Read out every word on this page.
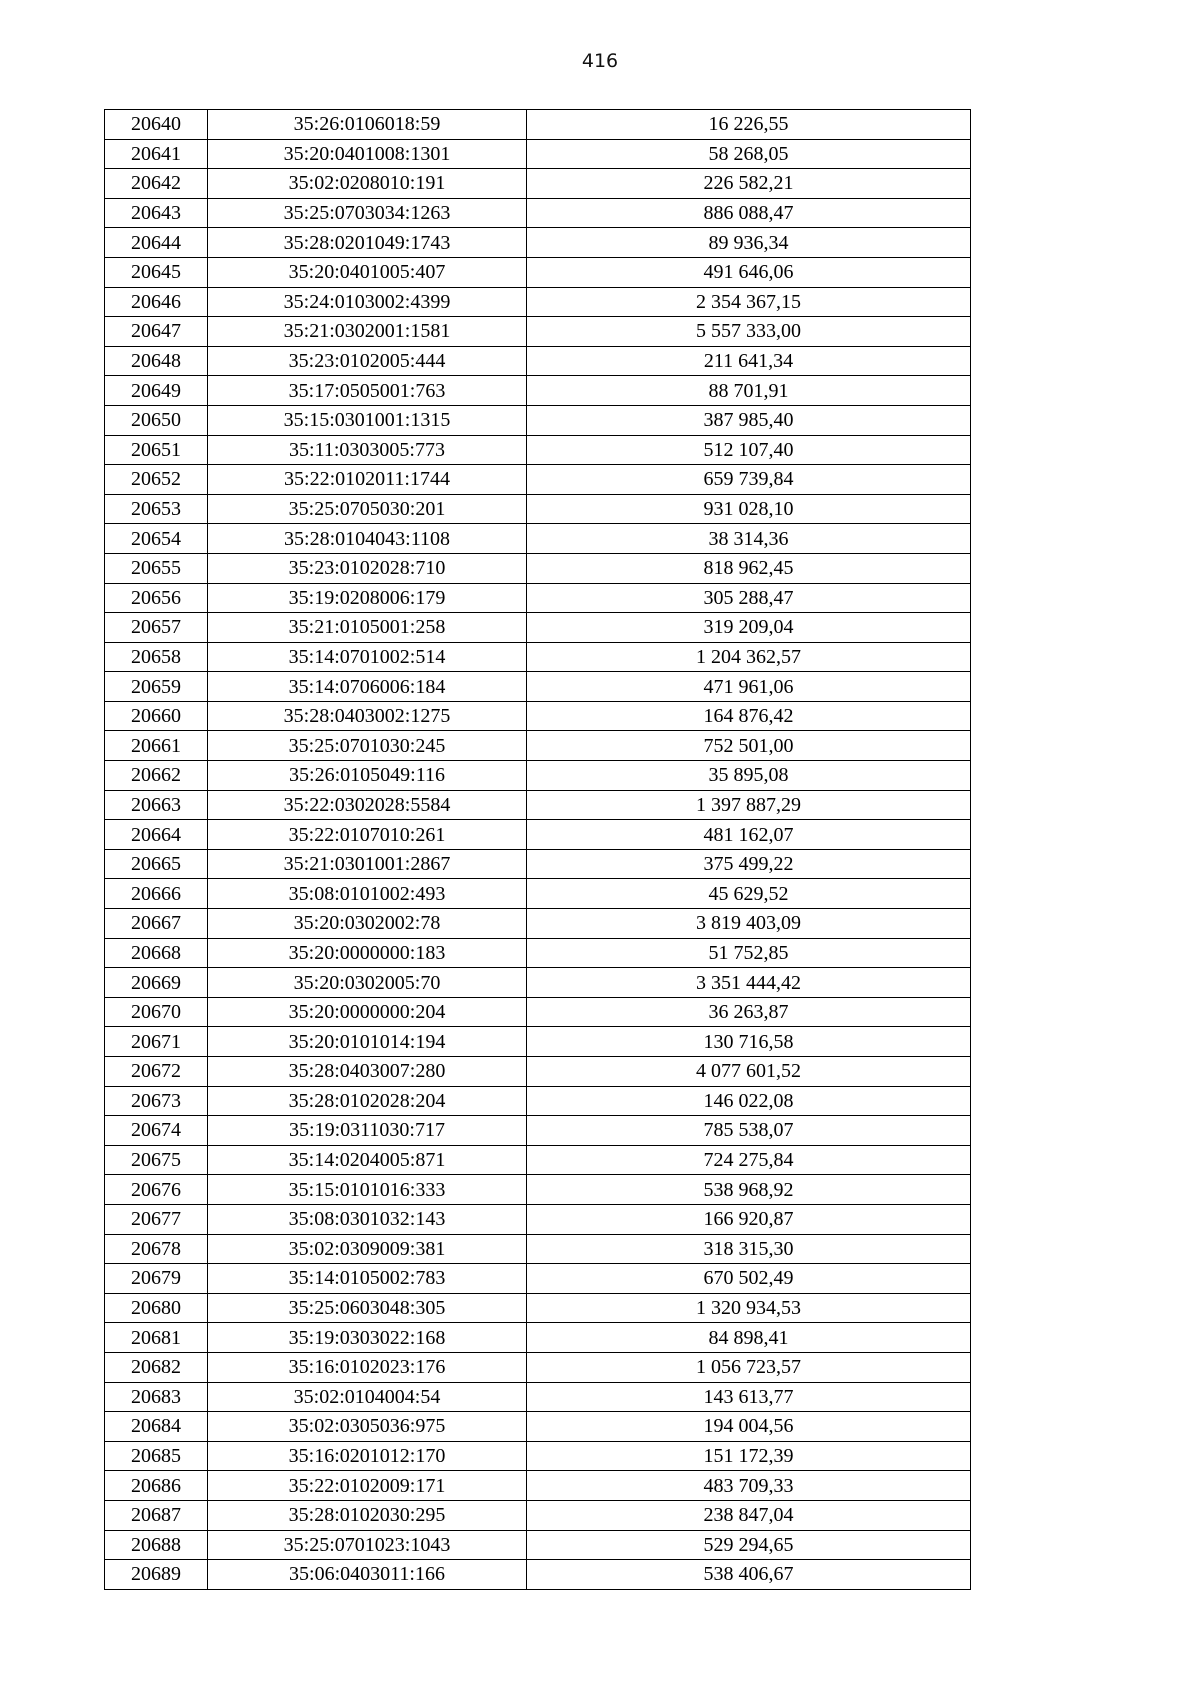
416
20640	35:26:0106018:59	16 226,55
20641	35:20:0401008:1301	58 268,05
20642	35:02:0208010:191	226 582,21
20643	35:25:0703034:1263	886 088,47
20644	35:28:0201049:1743	89 936,34
20645	35:20:0401005:407	491 646,06
20646	35:24:0103002:4399	2 354 367,15
20647	35:21:0302001:1581	5 557 333,00
20648	35:23:0102005:444	211 641,34
20649	35:17:0505001:763	88 701,91
20650	35:15:0301001:1315	387 985,40
20651	35:11:0303005:773	512 107,40
20652	35:22:0102011:1744	659 739,84
20653	35:25:0705030:201	931 028,10
20654	35:28:0104043:1108	38 314,36
20655	35:23:0102028:710	818 962,45
20656	35:19:0208006:179	305 288,47
20657	35:21:0105001:258	319 209,04
20658	35:14:0701002:514	1 204 362,57
20659	35:14:0706006:184	471 961,06
20660	35:28:0403002:1275	164 876,42
20661	35:25:0701030:245	752 501,00
20662	35:26:0105049:116	35 895,08
20663	35:22:0302028:5584	1 397 887,29
20664	35:22:0107010:261	481 162,07
20665	35:21:0301001:2867	375 499,22
20666	35:08:0101002:493	45 629,52
20667	35:20:0302002:78	3 819 403,09
20668	35:20:0000000:183	51 752,85
20669	35:20:0302005:70	3 351 444,42
20670	35:20:0000000:204	36 263,87
20671	35:20:0101014:194	130 716,58
20672	35:28:0403007:280	4 077 601,52
20673	35:28:0102028:204	146 022,08
20674	35:19:0311030:717	785 538,07
20675	35:14:0204005:871	724 275,84
20676	35:15:0101016:333	538 968,92
20677	35:08:0301032:143	166 920,87
20678	35:02:0309009:381	318 315,30
20679	35:14:0105002:783	670 502,49
20680	35:25:0603048:305	1 320 934,53
20681	35:19:0303022:168	84 898,41
20682	35:16:0102023:176	1 056 723,57
20683	35:02:0104004:54	143 613,77
20684	35:02:0305036:975	194 004,56
20685	35:16:0201012:170	151 172,39
20686	35:22:0102009:171	483 709,33
20687	35:28:0102030:295	238 847,04
20688	35:25:0701023:1043	529 294,65
20689	35:06:0403011:166	538 406,67
